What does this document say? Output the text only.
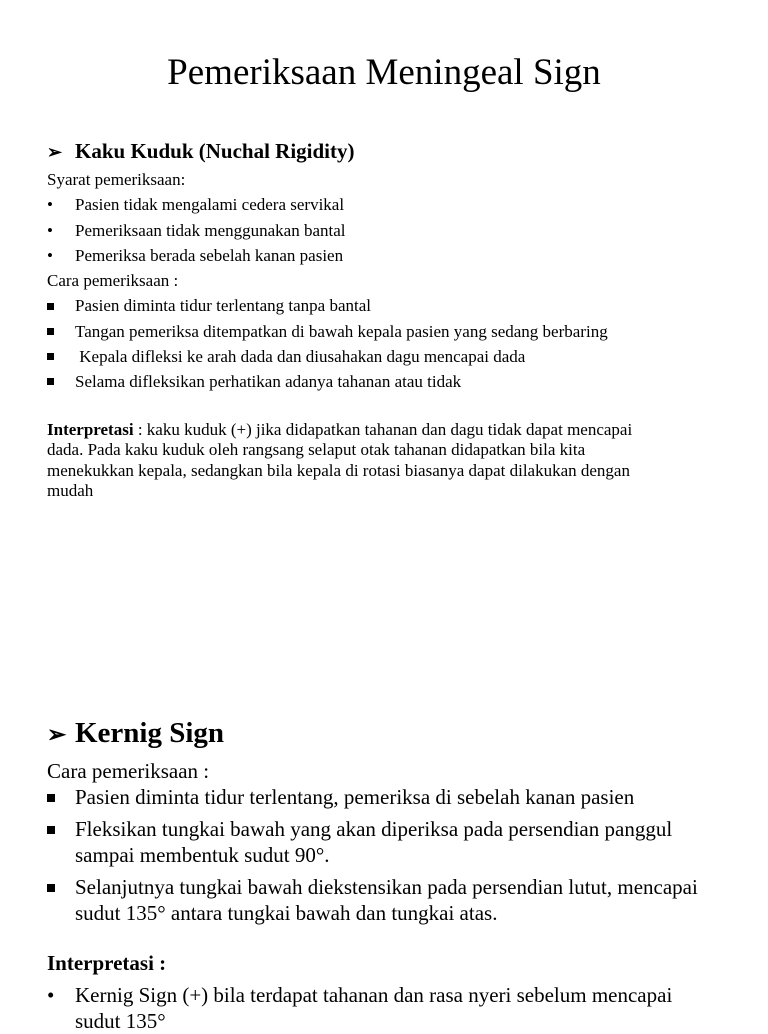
Pemeriksaan Meningeal Sign
➢ Kaku Kuduk (Nuchal Rigidity)
Syarat pemeriksaan:
• Pasien tidak mengalami cedera servikal
• Pemeriksaan tidak menggunakan bantal
• Pemeriksa berada sebelah kanan pasien
Cara pemeriksaan :
Pasien diminta tidur terlentang tanpa bantal
Tangan pemeriksa ditempatkan di bawah kepala pasien yang sedang berbaring
Kepala difleksi ke arah dada dan diusahakan dagu mencapai dada
Selama difleksikan perhatikan adanya tahanan atau tidak
Interpretasi : kaku kuduk (+) jika didapatkan tahanan dan dagu tidak dapat mencapai
dada. Pada kaku kuduk oleh rangsang selaput otak tahanan didapatkan bila kita
menekukkan kepala, sedangkan bila kepala di rotasi biasanya dapat dilakukan dengan
mudah
➢ Kernig Sign
Cara pemeriksaan :
Pasien diminta tidur terlentang, pemeriksa di sebelah kanan pasien
Fleksikan tungkai bawah yang akan diperiksa pada persendian panggul
sampai membentuk sudut 90°.
Selanjutnya tungkai bawah diekstensikan pada persendian lutut, mencapai
sudut 135° antara tungkai bawah dan tungkai atas.
Interpretasi :
• Kernig Sign (+) bila terdapat tahanan dan rasa nyeri sebelum mencapai
sudut 135°
